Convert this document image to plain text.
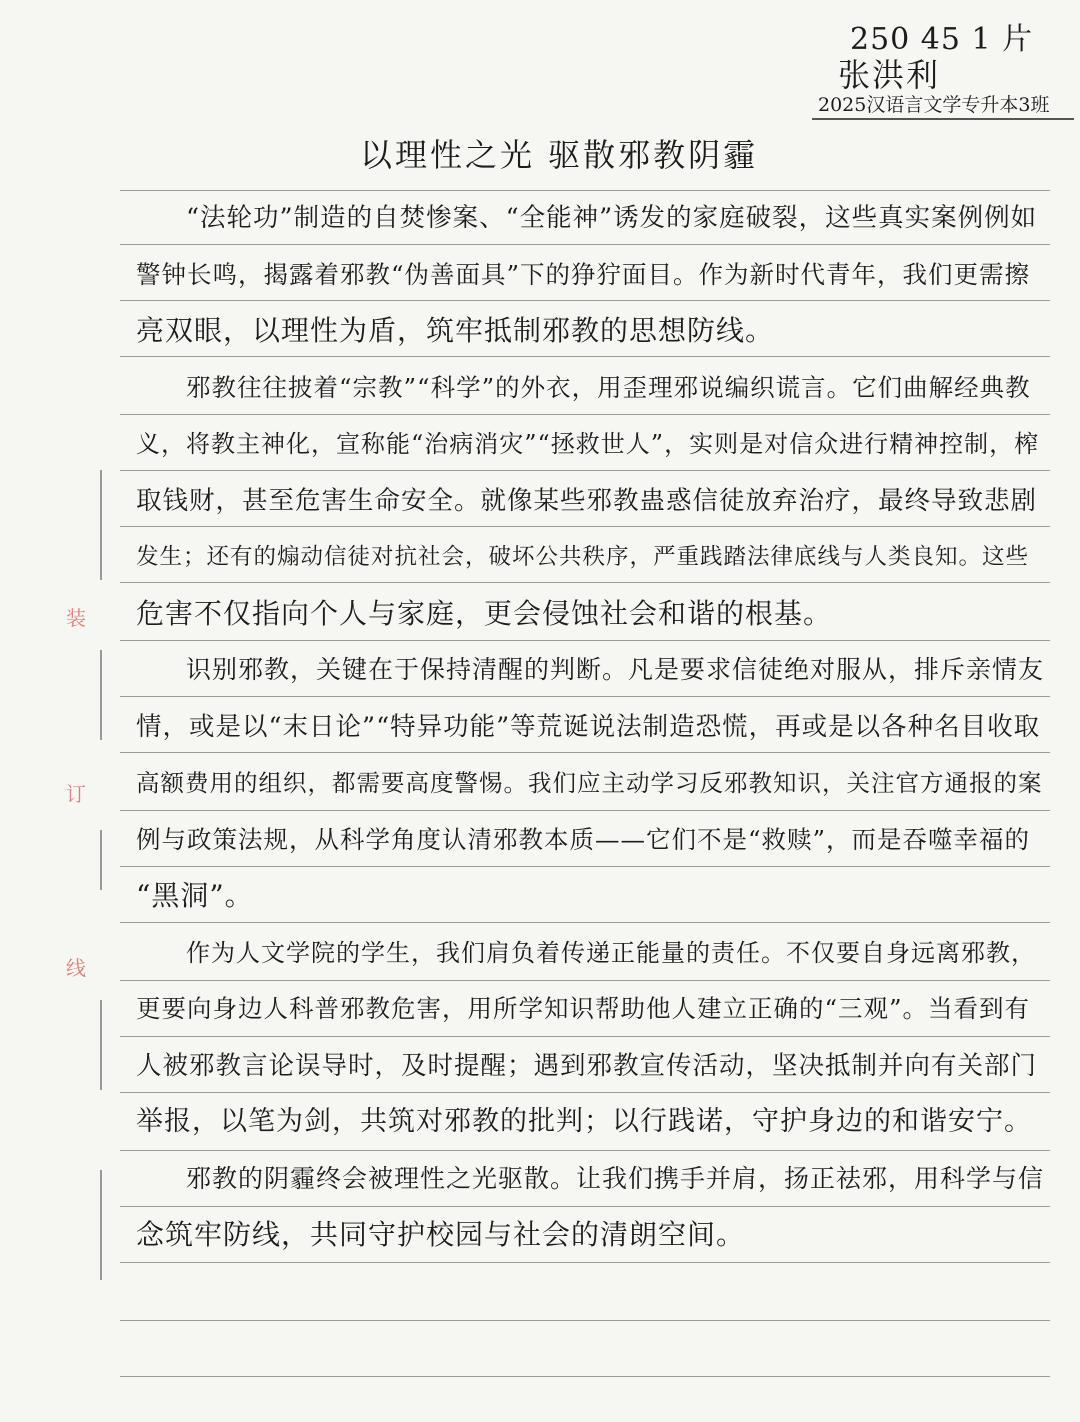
250 45 1 片
张洪利
2025汉语言文学专升本3班
以理性之光 驱散邪教阴霾
装
订
线
“法轮功”制造的自焚惨案、“全能神”诱发的家庭破裂，这些真实案例例如
警钟长鸣，揭露着邪教“伪善面具”下的狰狞面目。作为新时代青年，我们更需擦
亮双眼，以理性为盾，筑牢抵制邪教的思想防线。
邪教往往披着“宗教”“科学”的外衣，用歪理邪说编织谎言。它们曲解经典教
义，将教主神化，宣称能“治病消灾”“拯救世人”，实则是对信众进行精神控制，榨
取钱财，甚至危害生命安全。就像某些邪教蛊惑信徒放弃治疗，最终导致悲剧
发生；还有的煽动信徒对抗社会，破坏公共秩序，严重践踏法律底线与人类良知。这些
危害不仅指向个人与家庭，更会侵蚀社会和谐的根基。
识别邪教，关键在于保持清醒的判断。凡是要求信徒绝对服从，排斥亲情友
情，或是以“末日论”“特异功能”等荒诞说法制造恐慌，再或是以各种名目收取
高额费用的组织，都需要高度警惕。我们应主动学习反邪教知识，关注官方通报的案
例与政策法规，从科学角度认清邪教本质——它们不是“救赎”，而是吞噬幸福的
“黑洞”。
作为人文学院的学生，我们肩负着传递正能量的责任。不仅要自身远离邪教，
更要向身边人科普邪教危害，用所学知识帮助他人建立正确的“三观”。当看到有
人被邪教言论误导时，及时提醒；遇到邪教宣传活动，坚决抵制并向有关部门
举报，以笔为剑，共筑对邪教的批判；以行践诺，守护身边的和谐安宁。
邪教的阴霾终会被理性之光驱散。让我们携手并肩，扬正祛邪，用科学与信
念筑牢防线，共同守护校园与社会的清朗空间。
